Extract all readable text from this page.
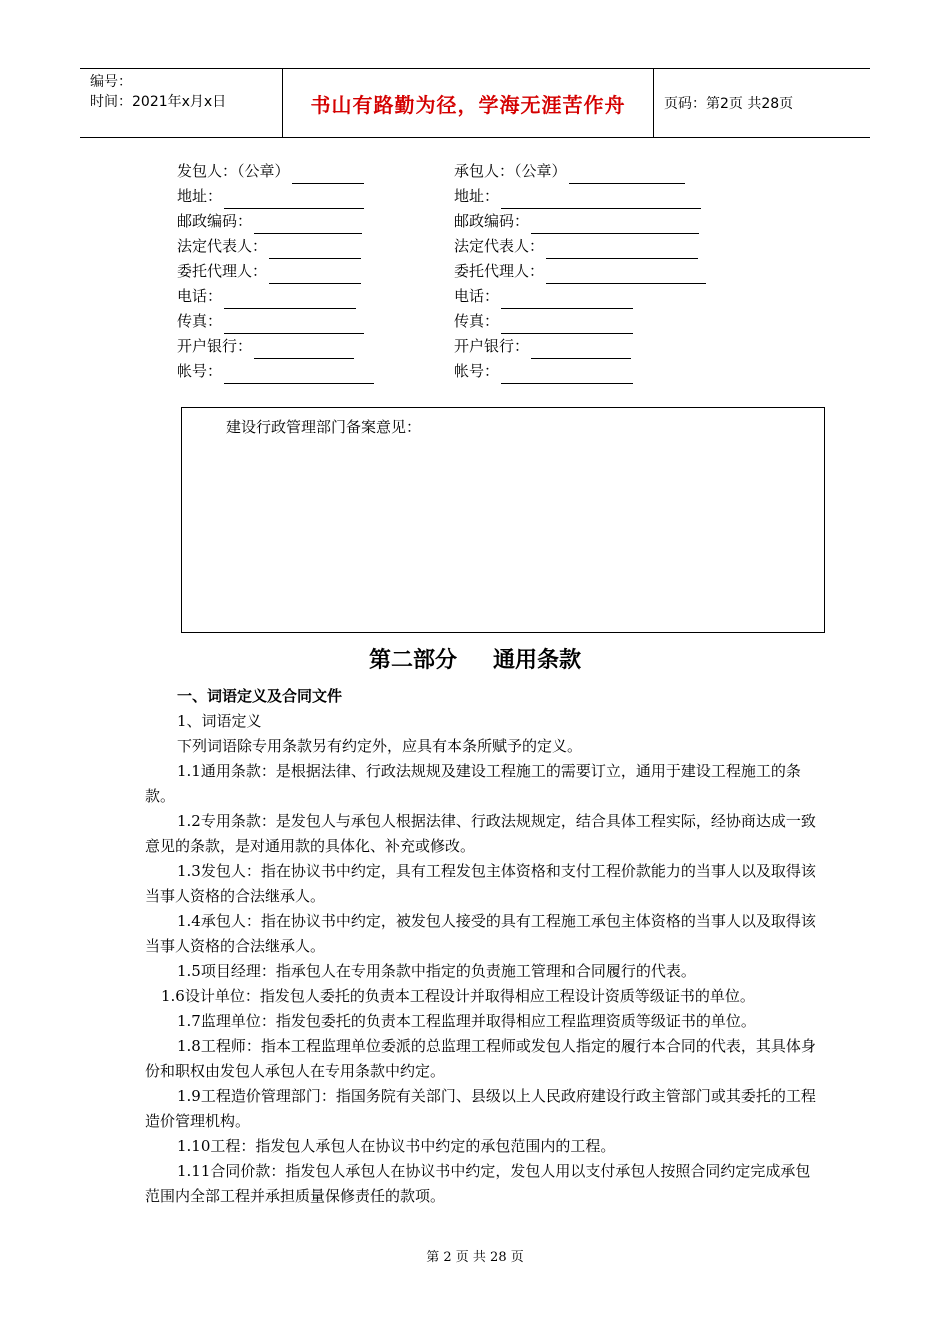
编号：
时间：2021年x月x日	书山有路勤为径，学海无涯苦作舟	页码：第2页 共28页
发包人：（公章）
地址：
邮政编码：
法定代表人：
委托代理人：
电话：
传真：
开户银行：
帐号：
承包人：（公章）
地址：
邮政编码：
法定代表人：
委托代理人：
电话：
传真：
开户银行：
帐号：
建设行政管理部门备案意见：
第二部分 通用条款

一、词语定义及合同文件

1、词语定义

下列词语除专用条款另有约定外，应具有本条所赋予的定义。

1.1通用条款：是根据法律、行政法规规及建设工程施工的需要订立，通用于建设工程施工的条款。

1.2专用条款：是发包人与承包人根据法律、行政法规规定，结合具体工程实际，经协商达成一致意见的条款，是对通用款的具体化、补充或修改。

1.3发包人：指在协议书中约定，具有工程发包主体资格和支付工程价款能力的当事人以及取得该当事人资格的合法继承人。

1.4承包人：指在协议书中约定，被发包人接受的具有工程施工承包主体资格的当事人以及取得该当事人资格的合法继承人。

1.5项目经理：指承包人在专用条款中指定的负责施工管理和合同履行的代表。

1.6设计单位：指发包人委托的负责本工程设计并取得相应工程设计资质等级证书的单位。

1.7监理单位：指发包委托的负责本工程监理并取得相应工程监理资质等级证书的单位。

1.8工程师：指本工程监理单位委派的总监理工程师或发包人指定的履行本合同的代表，其具体身份和职权由发包人承包人在专用条款中约定。

1.9工程造价管理部门：指国务院有关部门、县级以上人民政府建设行政主管部门或其委托的工程造价管理机构。

1.10工程：指发包人承包人在协议书中约定的承包范围内的工程。

1.11合同价款：指发包人承包人在协议书中约定，发包人用以支付承包人按照合同约定完成承包范围内全部工程并承担质量保修责任的款项。

第 2 页 共 28 页
